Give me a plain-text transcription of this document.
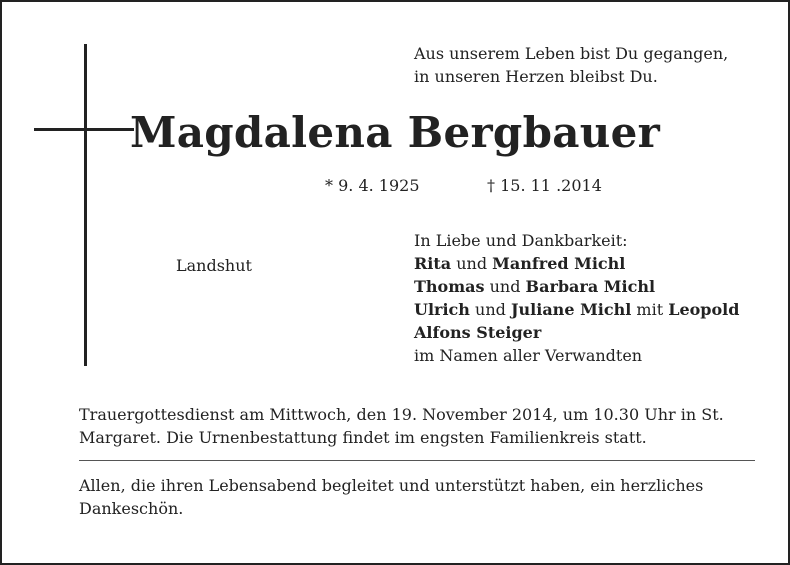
Aus unserem Leben bist Du gegangen,
in unseren Herzen bleibst Du.
Magdalena Bergbauer
* 9. 4. 1925	† 15. 11 .2014
Landshut
In Liebe und Dankbarkeit:
Rita und Manfred Michl
Thomas und Barbara Michl
Ulrich und Juliane Michl mit Leopold
Alfons Steiger
im Namen aller Verwandten
Trauergottesdienst am Mittwoch, den 19. November 2014, um 10.30 Uhr in St. Margaret. Die Urnenbestattung findet im engsten Familienkreis statt.
Allen, die ihren Lebensabend begleitet und unterstützt haben, ein herzliches Dankeschön.
